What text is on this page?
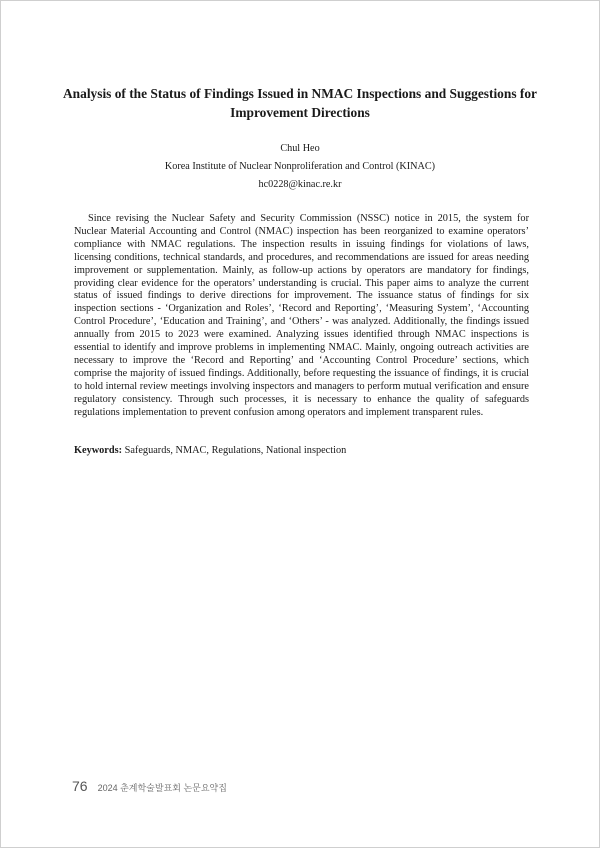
Analysis of the Status of Findings Issued in NMAC Inspections and Suggestions for Improvement Directions

Chul Heo

Korea Institute of Nuclear Nonproliferation and Control (KINAC)

hc0228@kinac.re.kr

Since revising the Nuclear Safety and Security Commission (NSSC) notice in 2015, the system for Nuclear Material Accounting and Control (NMAC) inspection has been reorganized to examine operators’ compliance with NMAC regulations. The inspection results in issuing findings for violations of laws, licensing conditions, technical standards, and procedures, and recommendations are issued for areas needing improvement or supplementation. Mainly, as follow-up actions by operators are mandatory for findings, providing clear evidence for the operators’ understanding is crucial. This paper aims to analyze the current status of issued findings to derive directions for improvement. The issuance status of findings for six inspection sections - ‘Organization and Roles’, ‘Record and Reporting’, ‘Measuring System’, ‘Accounting Control Procedure’, ‘Education and Training’, and ‘Others’ - was analyzed. Additionally, the findings issued annually from 2015 to 2023 were examined. Analyzing issues identified through NMAC inspections is essential to identify and improve problems in implementing NMAC. Mainly, ongoing outreach activities are necessary to improve the ‘Record and Reporting’ and ‘Accounting Control Procedure’ sections, which comprise the majority of issued findings. Additionally, before requesting the issuance of findings, it is crucial to hold internal review meetings involving inspectors and managers to perform mutual verification and ensure regulatory consistency. Through such processes, it is necessary to enhance the quality of safeguards regulations implementation to prevent confusion among operators and implement transparent rules.

Keywords: Safeguards, NMAC, Regulations, National inspection

76 2024 춘계학술발표회 논문요약집
